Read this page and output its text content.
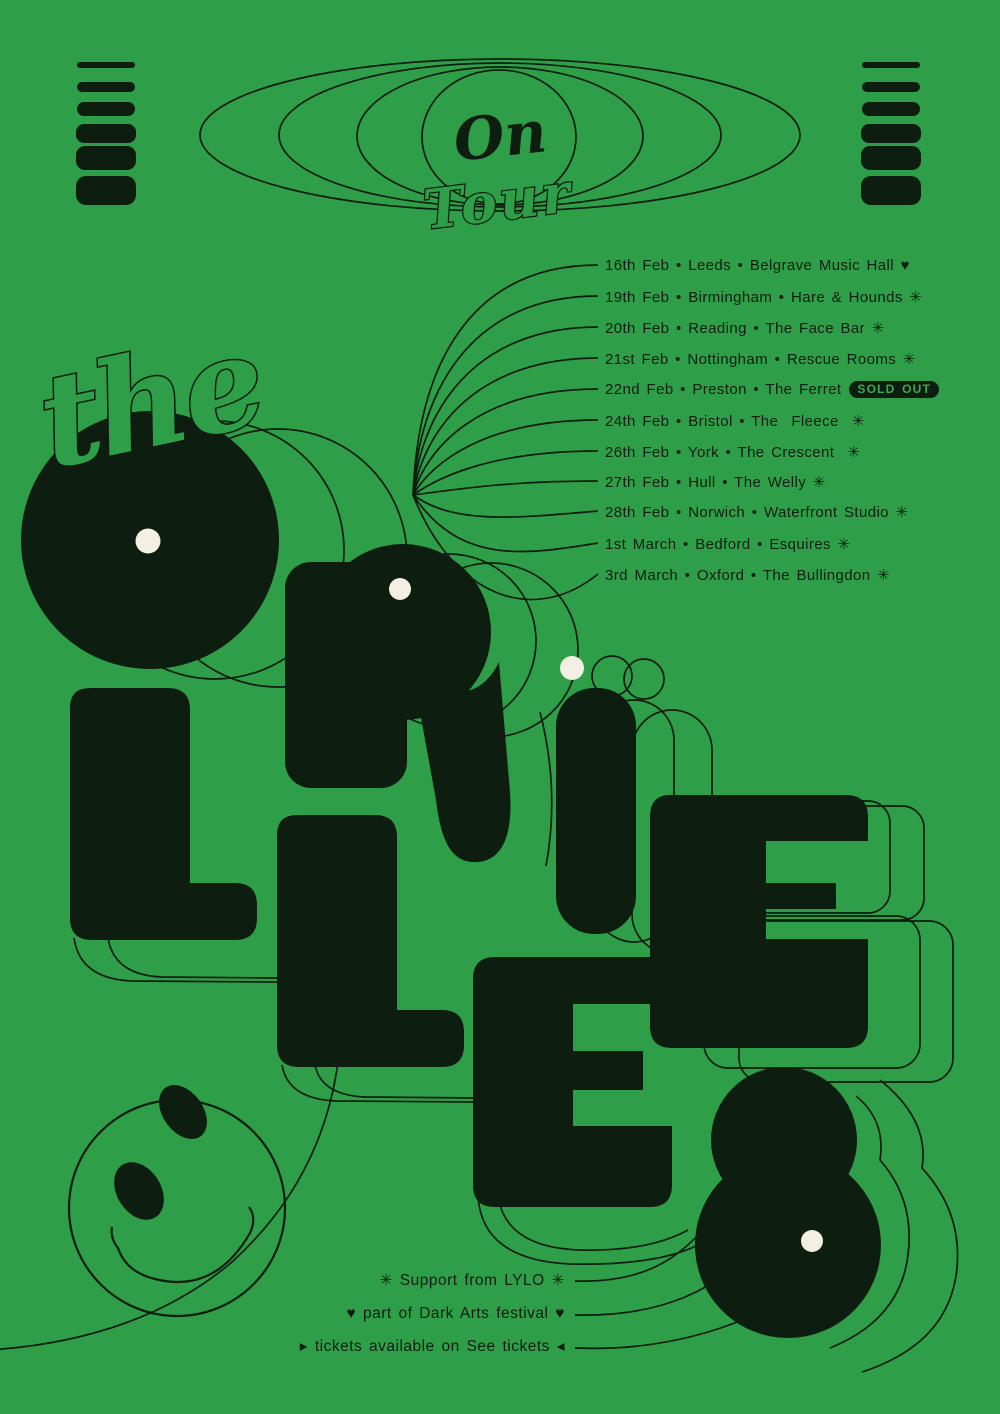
On
Tour
the
16th Feb • Leeds • Belgrave Music Hall ♥
19th Feb • Birmingham • Hare & Hounds ✳
20th Feb • Reading • The Face Bar ✳
21st Feb • Nottingham • Rescue Rooms ✳
22nd Feb • Preston • The Ferret SOLD OUT
24th Feb • Bristol • The  Fleece  ✳
26th Feb • York • The Crescent  ✳
27th Feb • Hull • The Welly ✳
28th Feb • Norwich • Waterfront Studio ✳
1st March • Bedford • Esquires ✳
3rd March • Oxford • The Bullingdon ✳
✳ Support from LYLO ✳
♥ part of Dark Arts festival ♥
▸ tickets available on See tickets ◂
